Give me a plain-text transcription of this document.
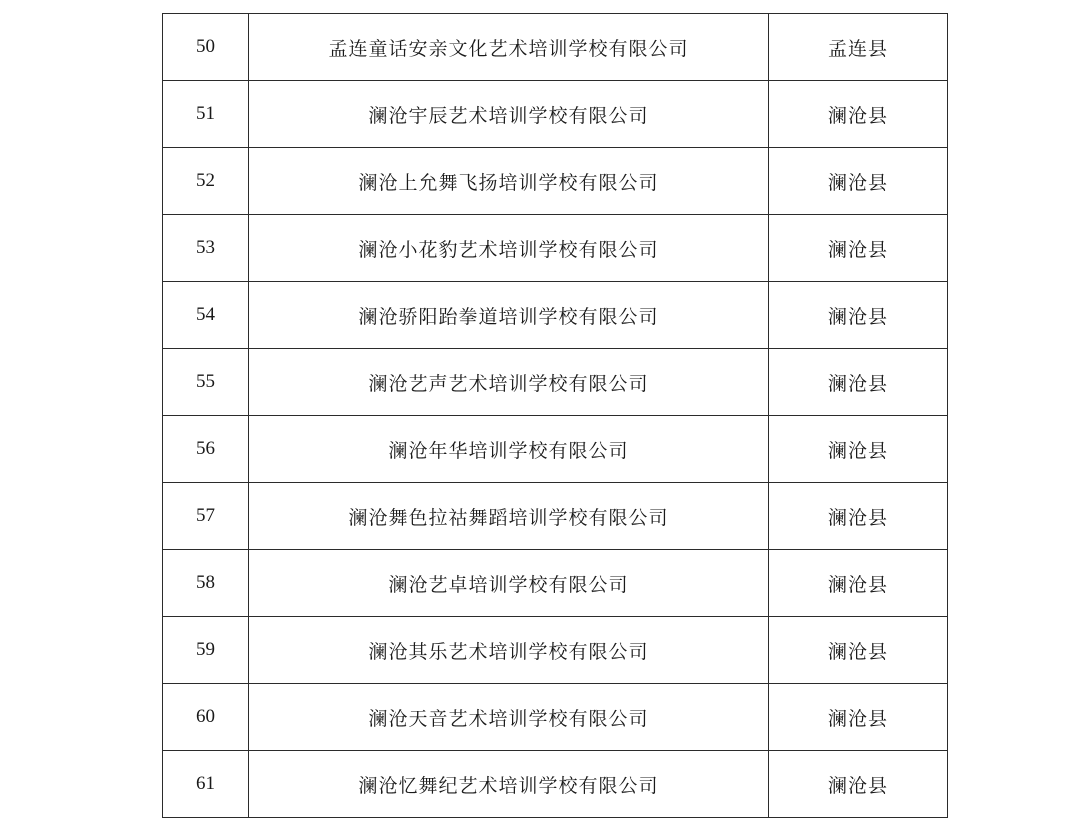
50	孟连童话安亲文化艺术培训学校有限公司	孟连县
51	澜沧宇辰艺术培训学校有限公司	澜沧县
52	澜沧上允舞飞扬培训学校有限公司	澜沧县
53	澜沧小花豹艺术培训学校有限公司	澜沧县
54	澜沧骄阳跆拳道培训学校有限公司	澜沧县
55	澜沧艺声艺术培训学校有限公司	澜沧县
56	澜沧年华培训学校有限公司	澜沧县
57	澜沧舞色拉祜舞蹈培训学校有限公司	澜沧县
58	澜沧艺卓培训学校有限公司	澜沧县
59	澜沧其乐艺术培训学校有限公司	澜沧县
60	澜沧天音艺术培训学校有限公司	澜沧县
61	澜沧忆舞纪艺术培训学校有限公司	澜沧县
